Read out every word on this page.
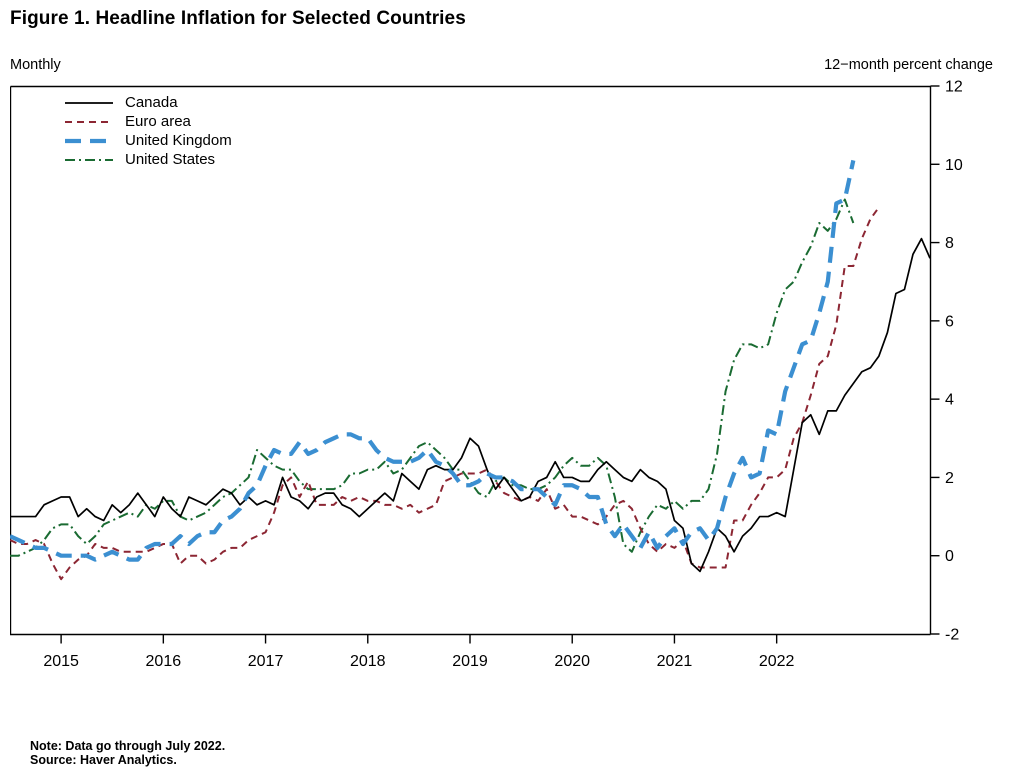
Figure 1. Headline Inflation for Selected Countries
Monthly	12−month percent change
-2
0
2
4
6
8
10
12
2015	2016	2017	2018	2019	2020	2021	2022
Canada
Euro area
United Kingdom
United States
Note: Data go through July 2022.
Source: Haver Analytics.
